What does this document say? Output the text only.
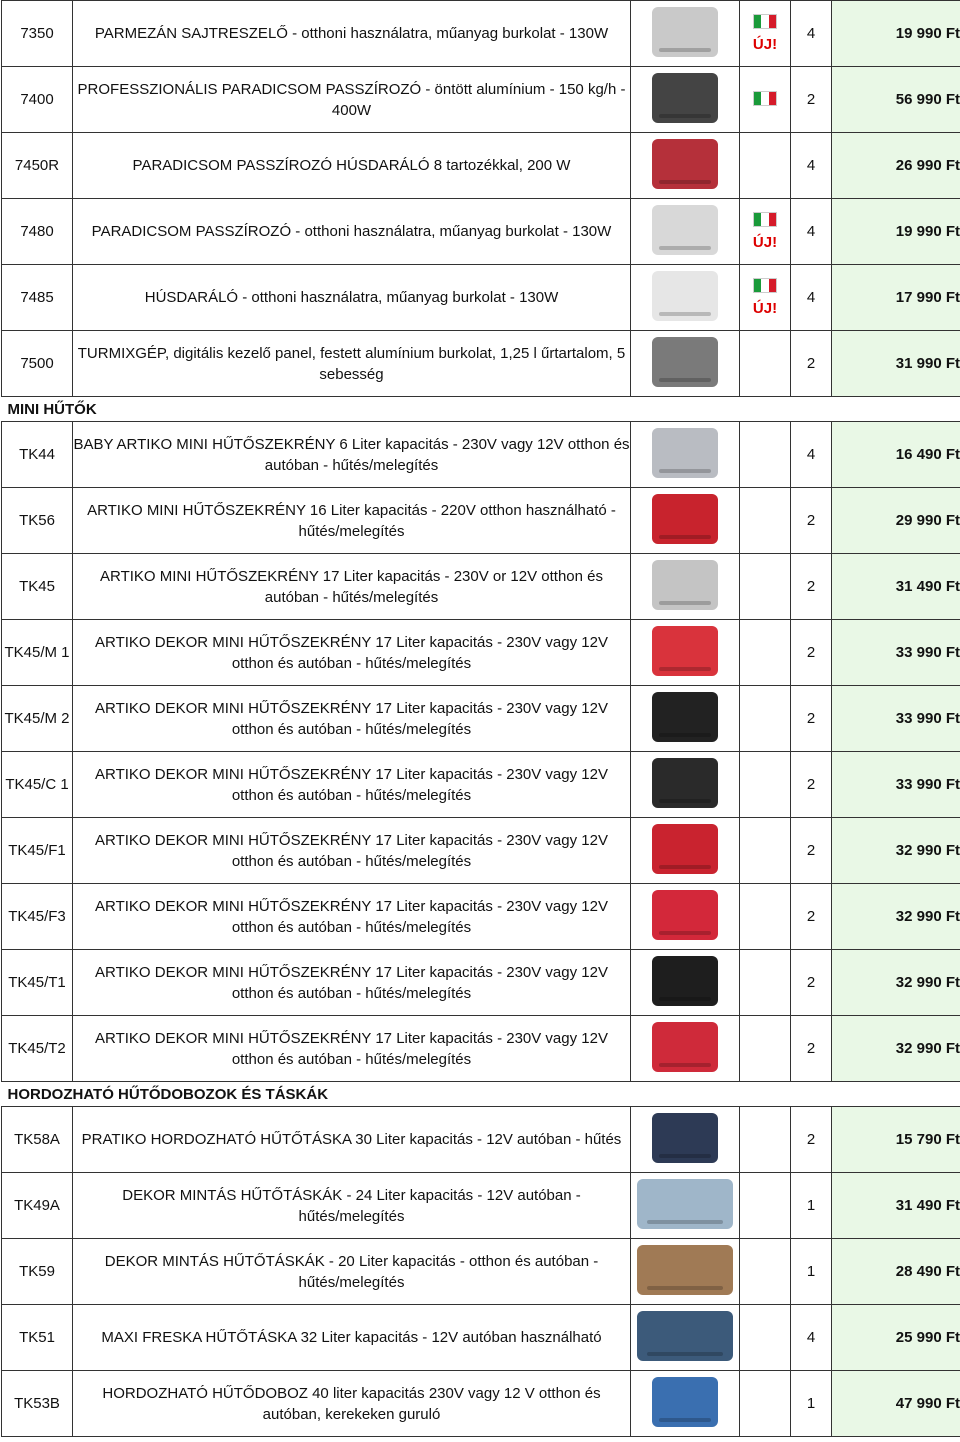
7350	PARMEZÁN SAJTRESZELŐ - otthoni használatra, műanyag burkolat - 130W		ÚJ!	4	19 990 Ft
7400	PROFESSZIONÁLIS PARADICSOM PASSZÍROZÓ - öntött alumínium - 150 kg/h - 400W			2	56 990 Ft
7450R	PARADICSOM PASSZÍROZÓ HÚSDARÁLÓ 8 tartozékkal, 200 W			4	26 990 Ft
7480	PARADICSOM PASSZÍROZÓ - otthoni használatra, műanyag burkolat - 130W		ÚJ!	4	19 990 Ft
7485	HÚSDARÁLÓ - otthoni használatra, műanyag burkolat - 130W		ÚJ!	4	17 990 Ft
7500	TURMIXGÉP, digitális kezelő panel, festett alumínium burkolat, 1,25 l űrtartalom, 5 sebesség			2	31 990 Ft
MINI HŰTŐK					
TK44	BABY ARTIKO MINI HŰTŐSZEKRÉNY 6 Liter kapacitás - 230V vagy 12V otthon és autóban - hűtés/melegítés			4	16 490 Ft
TK56	ARTIKO MINI HŰTŐSZEKRÉNY 16 Liter kapacitás - 220V otthon használható - hűtés/melegítés			2	29 990 Ft
TK45	ARTIKO MINI HŰTŐSZEKRÉNY 17 Liter kapacitás - 230V or 12V otthon és autóban - hűtés/melegítés			2	31 490 Ft
TK45/M 1	ARTIKO DEKOR MINI HŰTŐSZEKRÉNY 17 Liter kapacitás - 230V vagy 12V otthon és autóban - hűtés/melegítés			2	33 990 Ft
TK45/M 2	ARTIKO DEKOR MINI HŰTŐSZEKRÉNY 17 Liter kapacitás - 230V vagy 12V otthon és autóban - hűtés/melegítés			2	33 990 Ft
TK45/C 1	ARTIKO DEKOR MINI HŰTŐSZEKRÉNY 17 Liter kapacitás - 230V vagy 12V otthon és autóban - hűtés/melegítés			2	33 990 Ft
TK45/F1	ARTIKO DEKOR MINI HŰTŐSZEKRÉNY 17 Liter kapacitás - 230V vagy 12V otthon és autóban - hűtés/melegítés			2	32 990 Ft
TK45/F3	ARTIKO DEKOR MINI HŰTŐSZEKRÉNY 17 Liter kapacitás - 230V vagy 12V otthon és autóban - hűtés/melegítés			2	32 990 Ft
TK45/T1	ARTIKO DEKOR MINI HŰTŐSZEKRÉNY 17 Liter kapacitás - 230V vagy 12V otthon és autóban - hűtés/melegítés			2	32 990 Ft
TK45/T2	ARTIKO DEKOR MINI HŰTŐSZEKRÉNY 17 Liter kapacitás - 230V vagy 12V otthon és autóban - hűtés/melegítés			2	32 990 Ft
HORDOZHATÓ HŰTŐDOBOZOK ÉS TÁSKÁK					
TK58A	PRATIKO HORDOZHATÓ HŰTŐTÁSKA 30 Liter kapacitás - 12V autóban - hűtés			2	15 790 Ft
TK49A	DEKOR MINTÁS HŰTŐTÁSKÁK - 24 Liter kapacitás - 12V autóban - hűtés/melegítés			1	31 490 Ft
TK59	DEKOR MINTÁS HŰTŐTÁSKÁK - 20 Liter kapacitás - otthon és autóban - hűtés/melegítés			1	28 490 Ft
TK51	MAXI FRESKA HŰTŐTÁSKA 32 Liter kapacitás - 12V autóban használható			4	25 990 Ft
TK53B	HORDOZHATÓ HŰTŐDOBOZ 40 liter kapacitás 230V vagy 12 V otthon és autóban, kerekeken guruló			1	47 990 Ft
